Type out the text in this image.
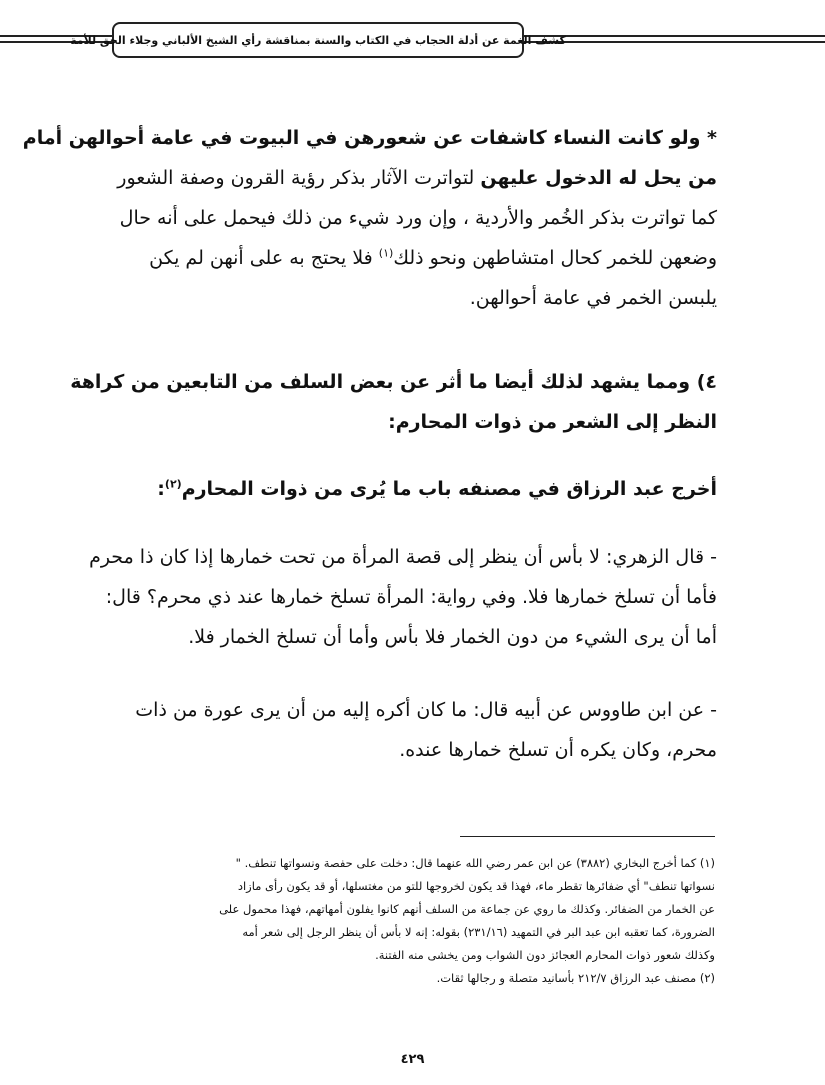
كشف الغمة عن أدلة الحجاب في الكتاب والسنة بمناقشة رأي الشيخ الألباني وجلاء الحق للأمة
* ولو كانت النساء كاشفات عن شعورهن في البيوت في عامة أحوالهن أمام
من يحل له الدخول عليهن لتواترت الآثار بذكر رؤية القرون وصفة الشعور
كما تواترت بذكر الخُمر والأردية ، وإن ورد شيء من ذلك فيحمل على أنه حال
وضعهن للخمر كحال امتشاطهن ونحو ذلك$^{(١)}$ فلا يحتج به على أنهن لم يكن
يلبسن الخمر في عامة أحوالهن.
٤) ومما يشهد لذلك أيضا ما أثر عن بعض السلف من التابعين من كراهة
النظر إلى الشعر من ذوات المحارم:
أخرج عبد الرزاق في مصنفه باب ما يُرى من ذوات المحارم$^{(٢)}$:
- قال الزهري: لا بأس أن ينظر إلى قصة المرأة من تحت خمارها إذا كان ذا محرم
فأما أن تسلخ خمارها فلا. وفي رواية: المرأة تسلخ خمارها عند ذي محرم؟ قال:
أما أن يرى الشيء من دون الخمار فلا بأس وأما أن تسلخ الخمار فلا.
- عن ابن طاووس عن أبيه قال: ما كان أكره إليه من أن يرى عورة من ذات
محرم، وكان يكره أن تسلخ خمارها عنده.
(١) كما أخرج البخاري (٣٨٨٢) عن ابن عمر رضي الله عنهما قال: دخلت على حفصة ونسواتها تنطف. "
نسواتها تنطف" أي ضفائرها تقطر ماء، فهذا قد يكون لخروجها للتو من مغتسلها، أو قد يكون رأى مازاد
عن الخمار من الضفائر. وكذلك ما روي عن جماعة من السلف أنهم كانوا يفلون أمهاتهم، فهذا محمول على
الضرورة، كما تعقبه ابن عبد البر في التمهيد (٢٣١/١٦) بقوله: إنه لا بأس أن ينظر الرجل إلى شعر أمه
وكذلك شعور ذوات المحارم العجائز دون الشواب ومن يخشى منه الفتنة.
(٢) مصنف عبد الرزاق ٢١٢/٧ بأسانيد متصلة و رجالها ثقات.
٤٢٩
